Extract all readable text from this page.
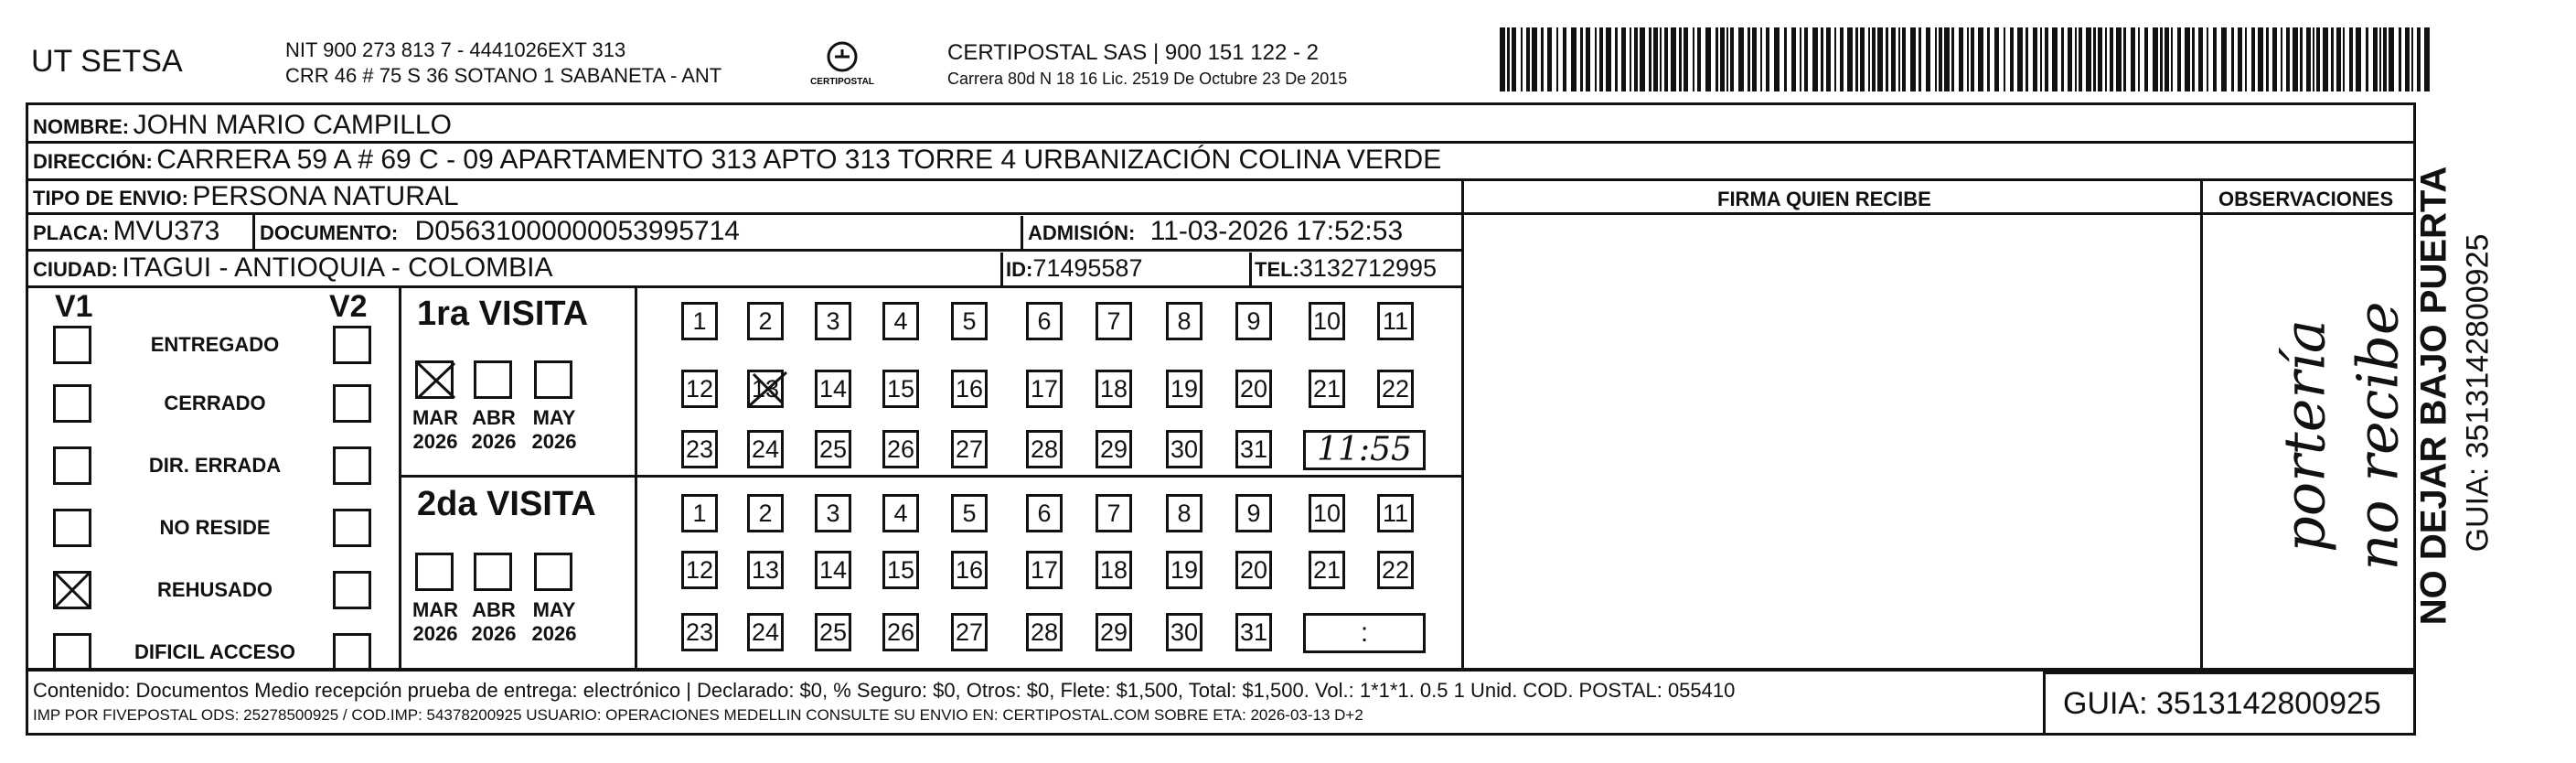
UT SETSA	NIT 900 273 813 7 - 4441026EXT 313
CRR 46 # 75 S 36 SOTANO 1 SABANETA - ANT	CERTIPOSTAL
CERTIPOSTAL SAS | 900 151 122 - 2
Carrera 80d N 18 16 Lic. 2519 De Octubre 23 De 2015
NOMBRE: JOHN MARIO CAMPILLO
DIRECCIÓN: CARRERA 59 A # 69 C - 09 APARTAMENTO 313 APTO 313 TORRE 4 URBANIZACIÓN COLINA VERDE
TIPO DE ENVIO: PERSONA NATURAL	FIRMA QUIEN RECIBE	OBSERVACIONES
PLACA: MVU373 DOCUMENTO: D05631000000053995714	ADMISIÓN: 11-03-2026 17:52:53
CIUDAD: ITAGUI - ANTIOQUIA - COLOMBIA	ID:71495587	TEL:3132712995
portería no recibe
V1	V2
ENTREGADO
CERRADO
DIR. ERRADA
NO RESIDE
REHUSADO
DIFICIL ACCESO
1ra VISITA
2da VISITA
1	2	3	4	5	6	7	8	9	10 11
12 13 14 15 16 17 18 19 20 21 22
23 24 25 26 27 28 29 30 31	11:55
MAR
2026
ABR
2026
MAY
2026
1	2	3	4	5	6	7	8	9	10 11
12 13 14 15 16 17 18 19 20 21 22
23 24 25 26 27 28 29 30 31	:
MAR
2026
ABR
2026
MAY
2026
Contenido: Documentos Medio recepción prueba de entrega: electrónico | Declarado: $0, % Seguro: $0, Otros: $0, Flete: $1,500, Total: $1,500. Vol.: 1*1*1. 0.5 1 Unid. COD. POSTAL: 055410
IMP POR FIVEPOSTAL ODS: 25278500925 / COD.IMP: 54378200925 USUARIO: OPERACIONES MEDELLIN CONSULTE SU ENVIO EN: CERTIPOSTAL.COM SOBRE ETA: 2026-03-13 D+2	GUIA: 3513142800925
NO DEJAR BAJO PUERTA GUIA: 3513142800925
